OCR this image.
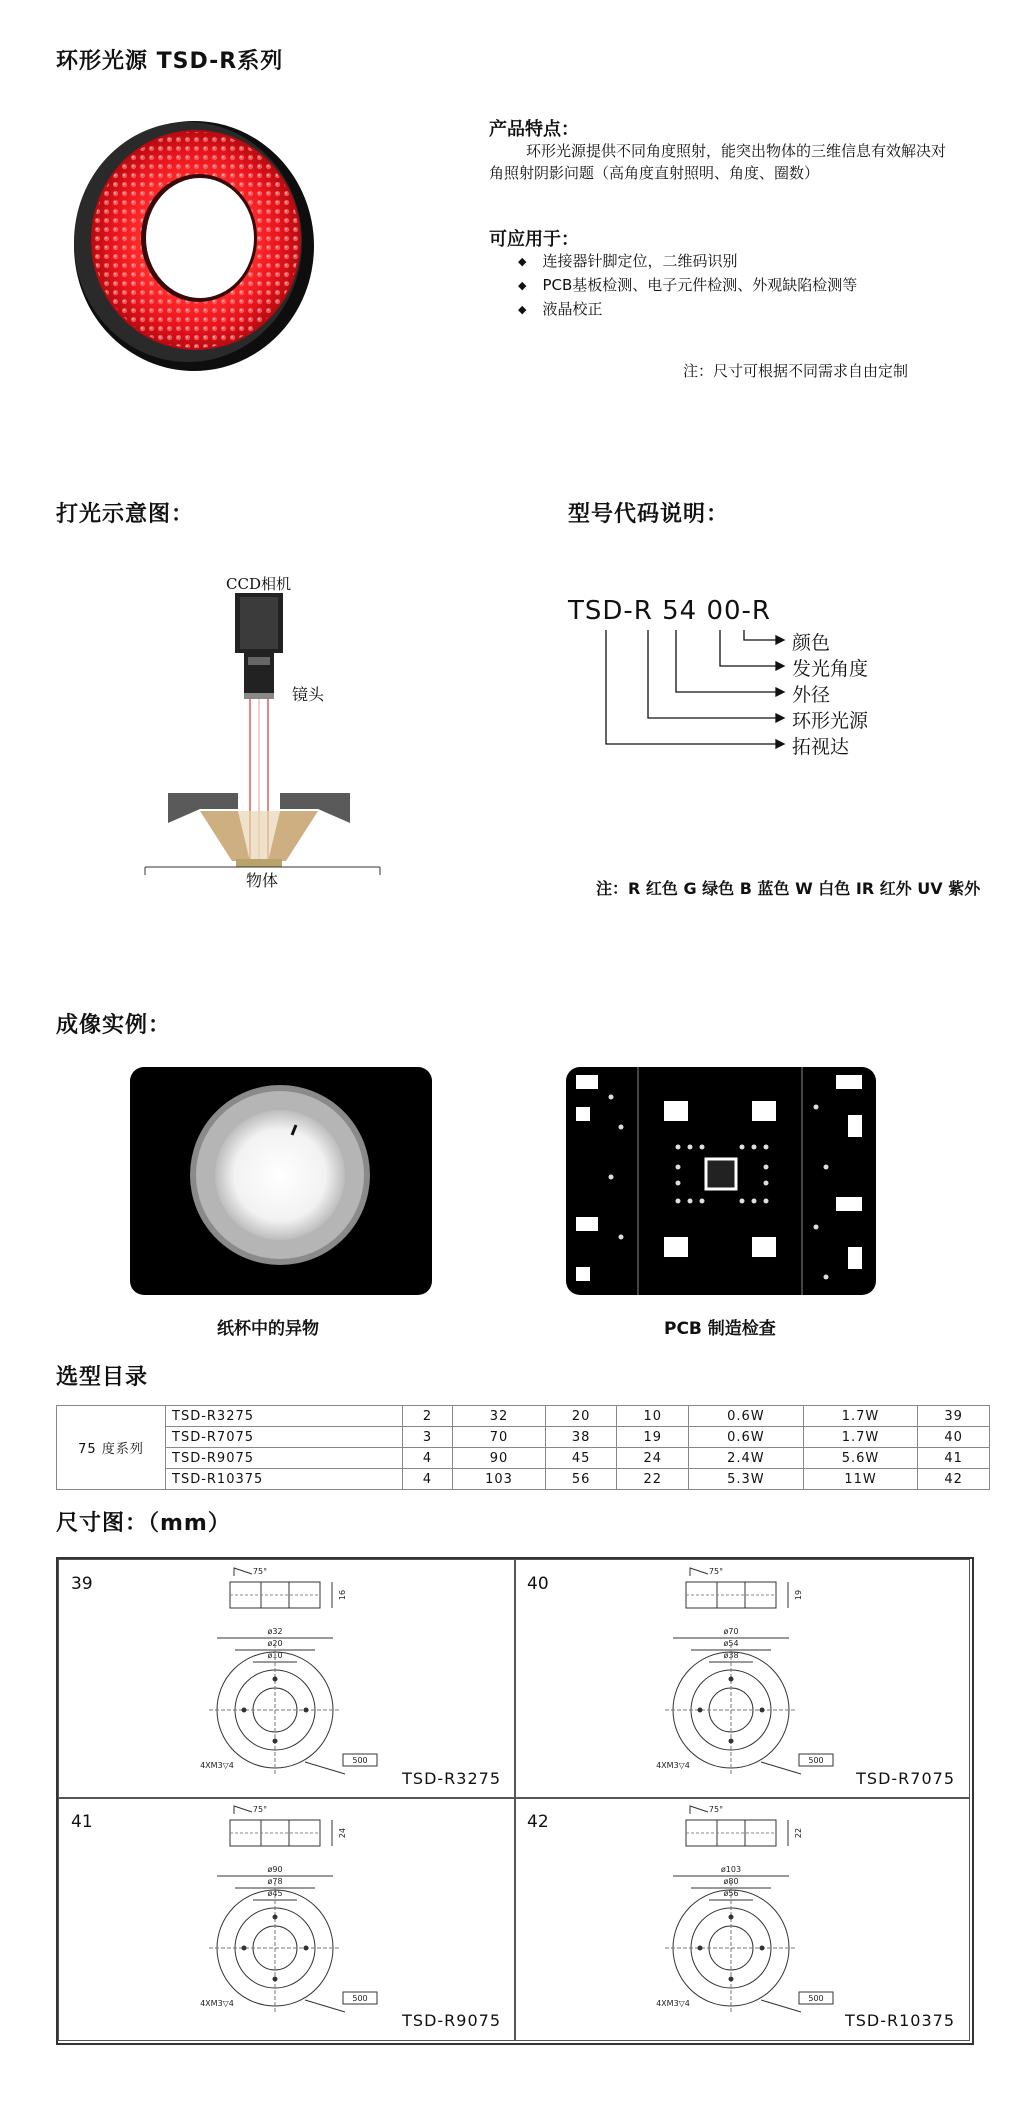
环形光源 TSD-R系列
产品特点：
环形光源提供不同角度照射，能突出物体的三维信息有效解决对
角照射阴影问题（高角度直射照明、角度、圈数）
可应用于：
◆ 连接器针脚定位，二维码识别
◆ PCB基板检测、电子元件检测、外观缺陷检测等
◆ 液晶校正
注：尺寸可根据不同需求自由定制
打光示意图：
CCD相机
镜头
物体
型号代码说明：
TSD-R 54 00-R
颜色
发光角度
外径
环形光源
拓视达
注：R 红色 G 绿色 B 蓝色 W 白色 IR 红外 UV 紫外
成像实例：
纸杯中的异物	PCB 制造检查
选型目录
75 度系列	TSD-R3275	2	32	20	10	0.6W	1.7W	39
	TSD-R7075	3	70	38	19	0.6W	1.7W	40
	TSD-R9075	4	90	45	24	2.4W	5.6W	41
	TSD-R10375	4	103	56	22	5.3W	11W	42
尺寸图：（mm）
39
75°
16
ø32
ø20
ø10
500
4XM3▽4
TSD-R3275
40
75°
19
ø70
ø54
ø38
500
4XM3▽4
TSD-R7075
41
75°
24
ø90
ø78
ø45
500
4XM3▽4
TSD-R9075
42
75°
22
ø103
ø80
ø56
500
4XM3▽4
TSD-R10375
